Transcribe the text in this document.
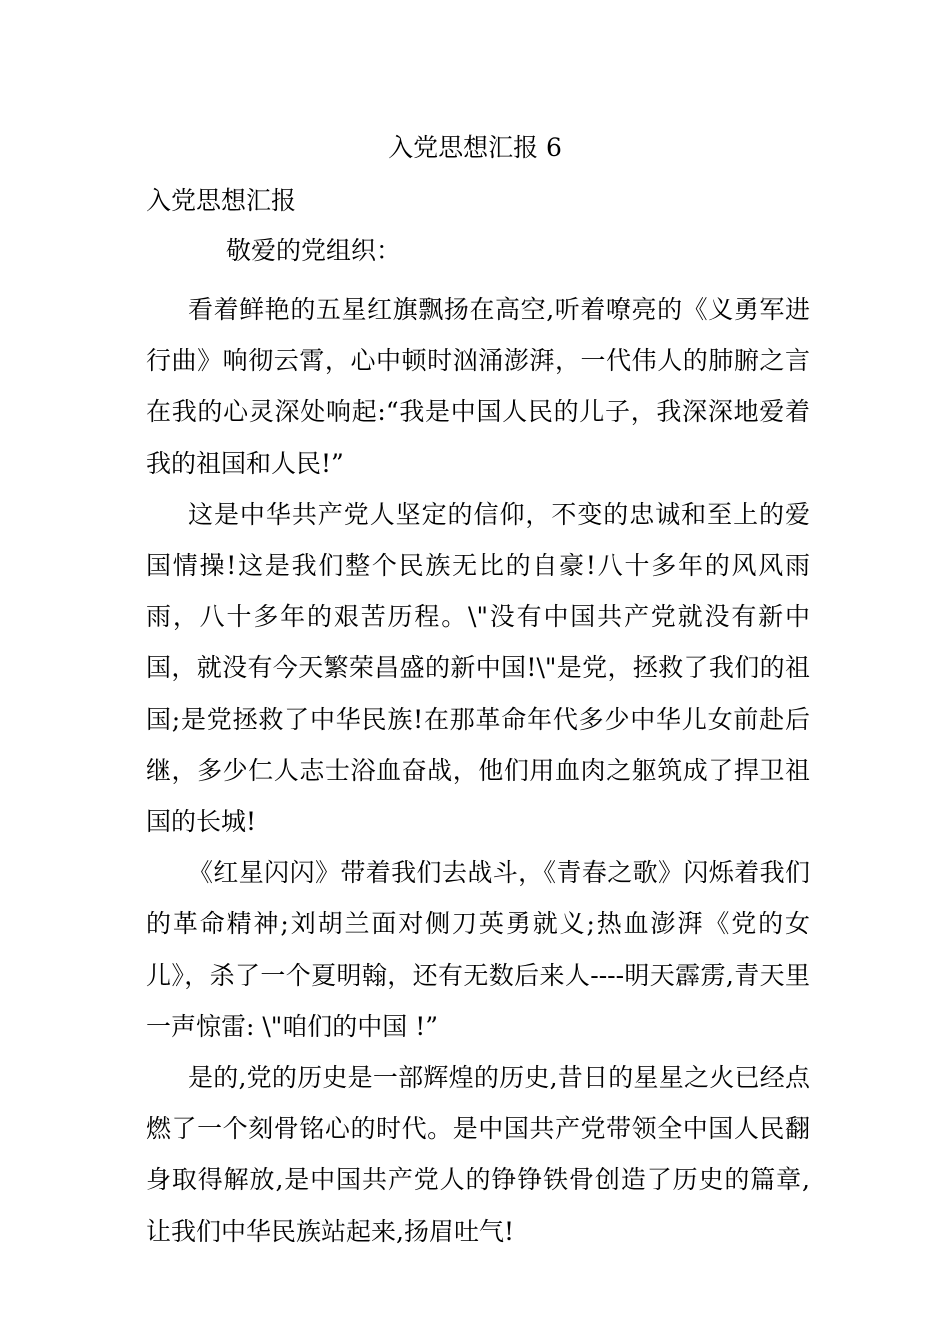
入党思想汇报 6
入党思想汇报
敬爱的党组织：

看着鲜艳的五星红旗飘扬在高空,听着嘹亮的《义勇军进行曲》响彻云霄，心中顿时汹涌澎湃，一代伟人的肺腑之言在我的心灵深处响起:“我是中国人民的儿子，我深深地爱着我的祖国和人民!”

这是中华共产党人坚定的信仰，不变的忠诚和至上的爱国情操!这是我们整个民族无比的自豪!八十多年的风风雨雨，八十多年的艰苦历程。\"没有中国共产党就没有新中国，就没有今天繁荣昌盛的新中国!\"是党，拯救了我们的祖国;是党拯救了中华民族!在那革命年代多少中华儿女前赴后继，多少仁人志士浴血奋战，他们用血肉之躯筑成了捍卫祖国的长城!

《红星闪闪》带着我们去战斗，《青春之歌》闪烁着我们的革命精神;刘胡兰面对侧刀英勇就义;热血澎湃《党的女儿》，杀了一个夏明翰，还有无数后来人----明天霹雳,青天里一声惊雷: \"咱们的中国 !”

是的,党的历史是一部辉煌的历史,昔日的星星之火已经点燃了一个刻骨铭心的时代。是中国共产党带领全中国人民翻身取得解放,是中国共产党人的铮铮铁骨创造了历史的篇章,让我们中华民族站起来,扬眉吐气!
